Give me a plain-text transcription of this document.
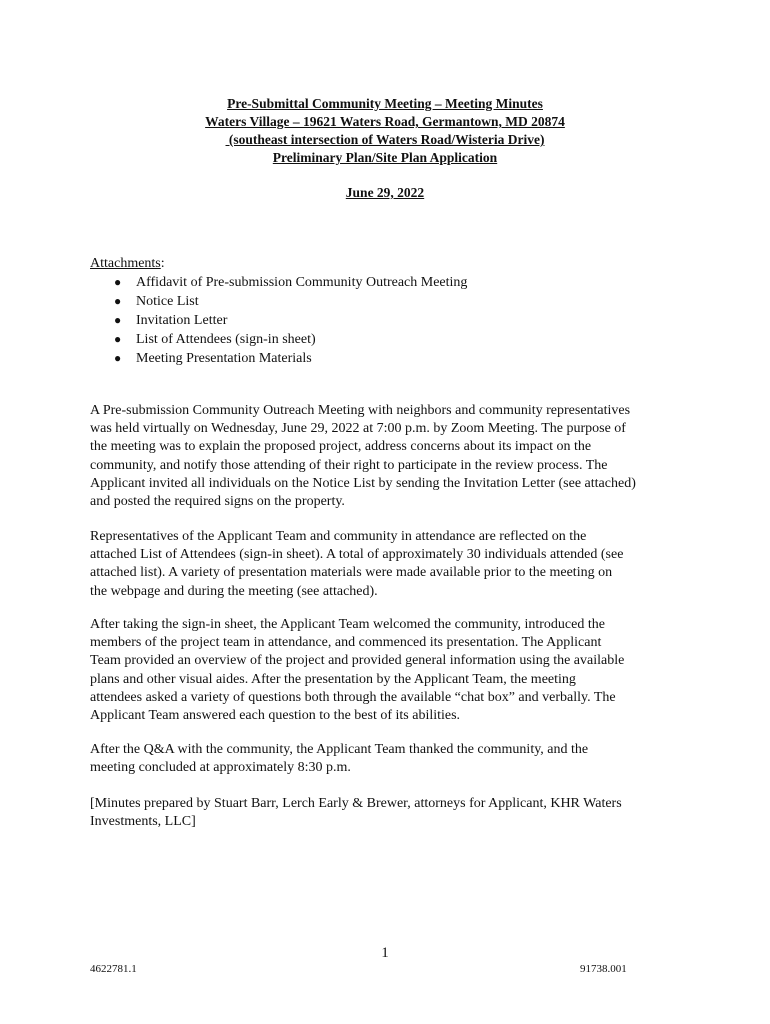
Pre-Submittal Community Meeting – Meeting Minutes
Waters Village – 19621 Waters Road, Germantown, MD 20874
(southeast intersection of Waters Road/Wisteria Drive)
Preliminary Plan/Site Plan Application
June 29, 2022
Attachments:
● Affidavit of Pre-submission Community Outreach Meeting
● Notice List
● Invitation Letter
● List of Attendees (sign-in sheet)
● Meeting Presentation Materials
A Pre-submission Community Outreach Meeting with neighbors and community representatives
was held virtually on Wednesday, June 29, 2022 at 7:00 p.m. by Zoom Meeting. The purpose of
the meeting was to explain the proposed project, address concerns about its impact on the
community, and notify those attending of their right to participate in the review process. The
Applicant invited all individuals on the Notice List by sending the Invitation Letter (see attached)
and posted the required signs on the property.
Representatives of the Applicant Team and community in attendance are reflected on the
attached List of Attendees (sign-in sheet). A total of approximately 30 individuals attended (see
attached list). A variety of presentation materials were made available prior to the meeting on
the webpage and during the meeting (see attached).
After taking the sign-in sheet, the Applicant Team welcomed the community, introduced the
members of the project team in attendance, and commenced its presentation. The Applicant
Team provided an overview of the project and provided general information using the available
plans and other visual aides. After the presentation by the Applicant Team, the meeting
attendees asked a variety of questions both through the available “chat box” and verbally. The
Applicant Team answered each question to the best of its abilities.
After the Q&A with the community, the Applicant Team thanked the community, and the
meeting concluded at approximately 8:30 p.m.
[Minutes prepared by Stuart Barr, Lerch Early & Brewer, attorneys for Applicant, KHR Waters
Investments, LLC]
1
4622781.1	91738.001
